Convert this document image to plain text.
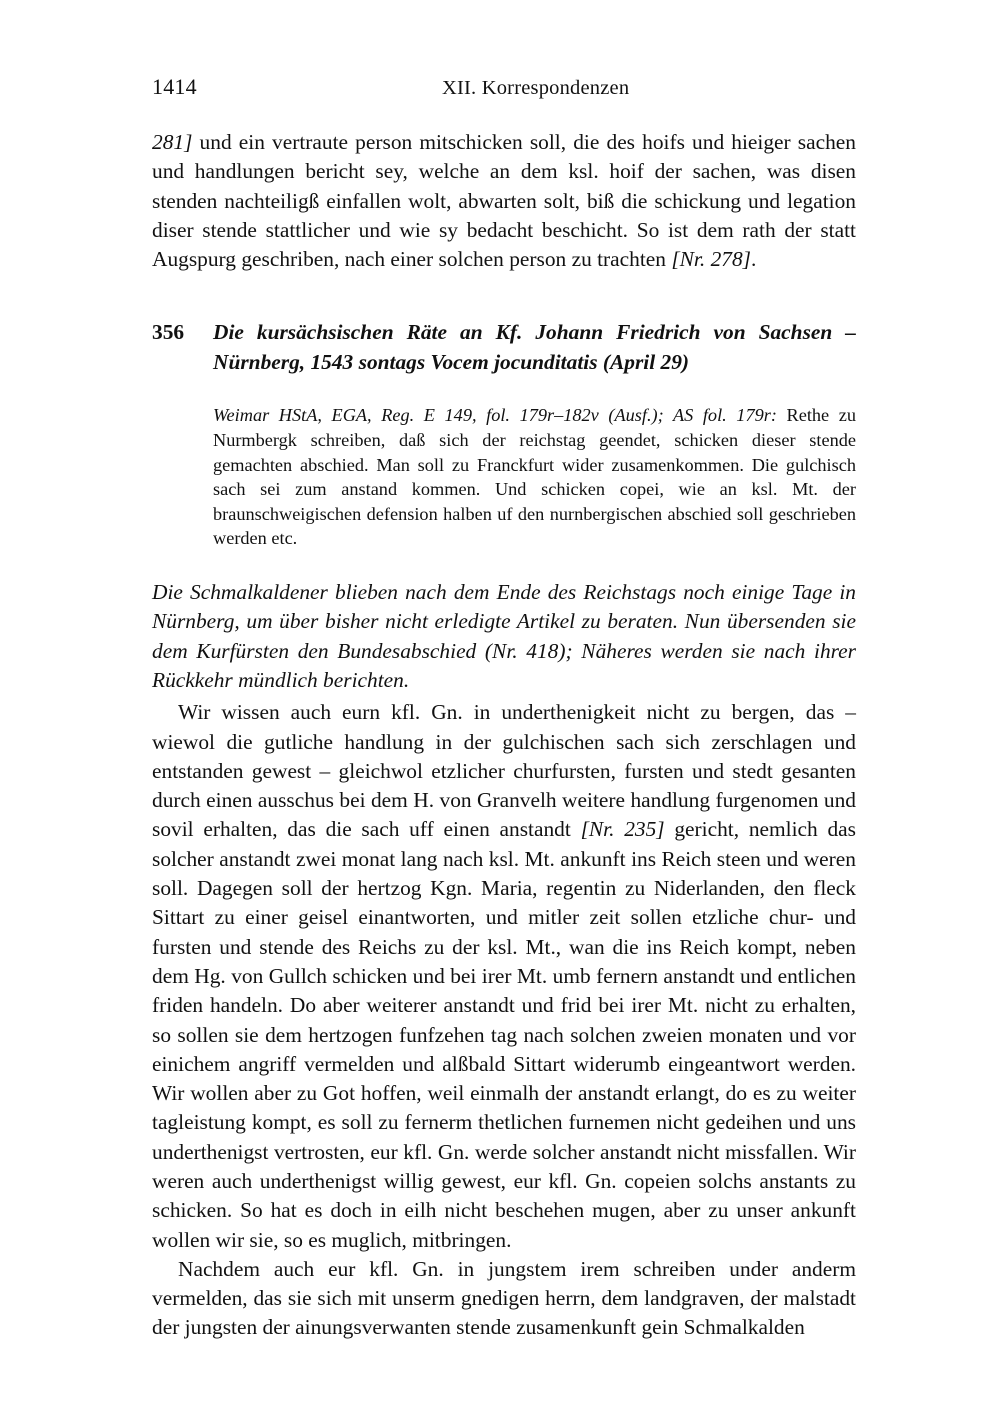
1414	XII. Korrespondenzen

281] und ein vertraute person mitschicken soll, die des hoifs und hieiger sachen und handlungen bericht sey, welche an dem ksl. hoif der sachen, was disen stenden nachteiligß einfallen wolt, abwarten solt, biß die schickung und legation diser stende stattlicher und wie sy bedacht beschicht. So ist dem rath der statt Augspurg geschriben, nach einer solchen person zu trachten [Nr. 278].

356	Die kursächsischen Räte an Kf. Johann Friedrich von Sachsen – Nürnberg, 1543 sontags Vocem jocunditatis (April 29)

Weimar HStA, EGA, Reg. E 149, fol. 179r–182v (Ausf.); AS fol. 179r: Rethe zu Nurmbergk schreiben, daß sich der reichstag geendet, schicken dieser stende gemachten abschied. Man soll zu Franckfurt wider zusamenkommen. Die gulchisch sach sei zum anstand kommen. Und schicken copei, wie an ksl. Mt. der braunschweigischen defension halben uf den nurnbergischen abschied soll geschrieben werden etc.

Die Schmalkaldener blieben nach dem Ende des Reichstags noch einige Tage in Nürnberg, um über bisher nicht erledigte Artikel zu beraten. Nun übersenden sie dem Kurfürsten den Bundesabschied (Nr. 418); Näheres werden sie nach ihrer Rückkehr mündlich berichten.

Wir wissen auch eurn kfl. Gn. in underthenigkeit nicht zu bergen, das – wiewol die gutliche handlung in der gulchischen sach sich zerschlagen und entstanden gewest – gleichwol etzlicher churfursten, fursten und stedt gesanten durch einen ausschus bei dem H. von Granvelh weitere handlung furgenomen und sovil erhalten, das die sach uff einen anstandt [Nr. 235] gericht, nemlich das solcher anstandt zwei monat lang nach ksl. Mt. ankunft ins Reich steen und weren soll. Dagegen soll der hertzog Kgn. Maria, regentin zu Niderlanden, den fleck Sittart zu einer geisel einantworten, und mitler zeit sollen etzliche chur- und fursten und stende des Reichs zu der ksl. Mt., wan die ins Reich kompt, neben dem Hg. von Gullch schicken und bei irer Mt. umb fernern anstandt und entlichen friden handeln. Do aber weiterer anstandt und frid bei irer Mt. nicht zu erhalten, so sollen sie dem hertzogen funfzehen tag nach solchen zweien monaten und vor einichem angriff vermelden und alßbald Sittart widerumb eingeantwort werden. Wir wollen aber zu Got hoffen, weil einmalh der anstandt erlangt, do es zu weiter tagleistung kompt, es soll zu fernerm thetlichen furnemen nicht gedeihen und uns underthenigst vertrosten, eur kfl. Gn. werde solcher anstandt nicht missfallen. Wir weren auch underthenigst willig gewest, eur kfl. Gn. copeien solchs anstants zu schicken. So hat es doch in eilh nicht beschehen mugen, aber zu unser ankunft wollen wir sie, so es muglich, mitbringen.

Nachdem auch eur kfl. Gn. in jungstem irem schreiben under anderm vermelden, das sie sich mit unserm gnedigen herrn, dem landgraven, der malstadt der jungsten der ainungsverwanten stende zusamenkunft gein Schmalkalden
